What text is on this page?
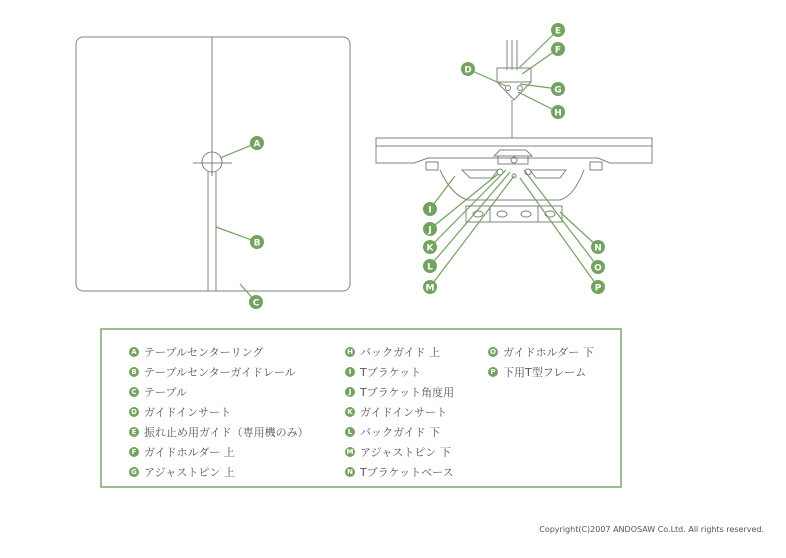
A
B
C
D
E
F
G
H
I
J
K
L
M
N
O
P
A テーブルセンターリング
B テーブルセンターガイドレール
C テーブル
D ガイドインサート
E 振れ止め用ガイド（専用機のみ）
F ガイドホルダー 上
G アジャストピン 上
H バックガイド 上
I Tブラケット
J Tブラケット角度用
K ガイドインサート
L バックガイド 下
M アジャストピン 下
N Tブラケットベース
O ガイドホルダー 下
P 下用T型フレーム
Copyright(C)2007 ANDOSAW Co.Ltd. All rights reserved.
